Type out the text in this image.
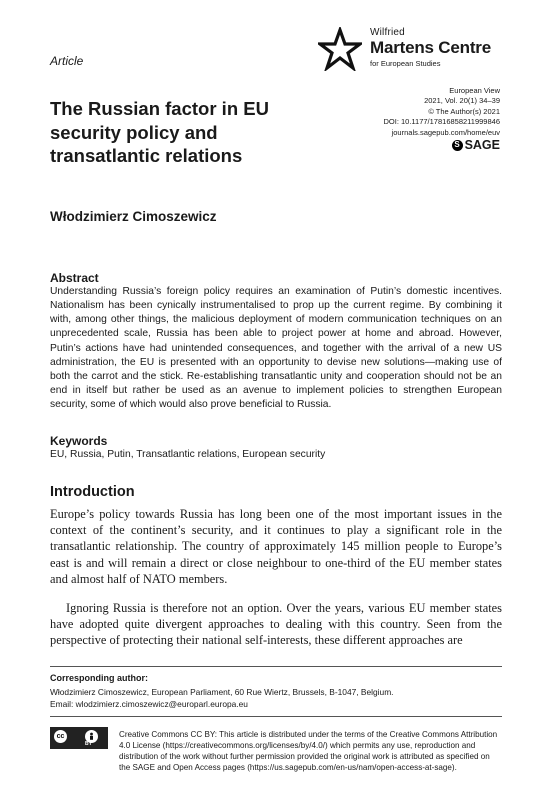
Article
Wilfried
Martens Centre
for European Studies
The Russian factor in EU security policy and transatlantic relations
European View
2021, Vol. 20(1) 34–39
© The Author(s) 2021
DOI: 10.1177/17816858211999846
journals.sagepub.com/home/euv
S SAGE
Włodzimierz Cimoszewicz
Abstract

Understanding Russia’s foreign policy requires an examination of Putin’s domestic incentives. Nationalism has been cynically instrumentalised to prop up the current regime. By combining it with, among other things, the malicious deployment of modern communication techniques on an unprecedented scale, Russia has been able to project power at home and abroad. However, Putin’s actions have had unintended consequences, and together with the arrival of a new US administration, the EU is presented with an opportunity to devise new solutions—making use of both the carrot and the stick. Re-establishing transatlantic unity and cooperation should not be an end in itself but rather be used as an avenue to implement policies to strengthen European security, some of which would also prove beneficial to Russia.

Keywords
EU, Russia, Putin, Transatlantic relations, European security
Introduction

Europe’s policy towards Russia has long been one of the most important issues in the context of the continent’s security, and it continues to play a significant role in the transatlantic relationship. The country of approximately 145 million people to Europe’s east is and will remain a direct or close neighbour to one-third of the EU member states and almost half of NATO members.

Ignoring Russia is therefore not an option. Over the years, various EU member states have adopted quite divergent approaches to dealing with this country. Seen from the perspective of protecting their national self-interests, these different approaches are

Corresponding author:
Włodzimierz Cimoszewicz, European Parliament, 60 Rue Wiertz, Brussels, B-1047, Belgium.
Email: wlodzimierz.cimoszewicz@europarl.europa.eu
cc
BY

Creative Commons CC BY: This article is distributed under the terms of the Creative Commons Attribution 4.0 License (https://creativecommons.org/licenses/by/4.0/) which permits any use, reproduction and distribution of the work without further permission provided the original work is attributed as specified on the SAGE and Open Access pages (https://us.sagepub.com/en-us/nam/open-access-at-sage).
